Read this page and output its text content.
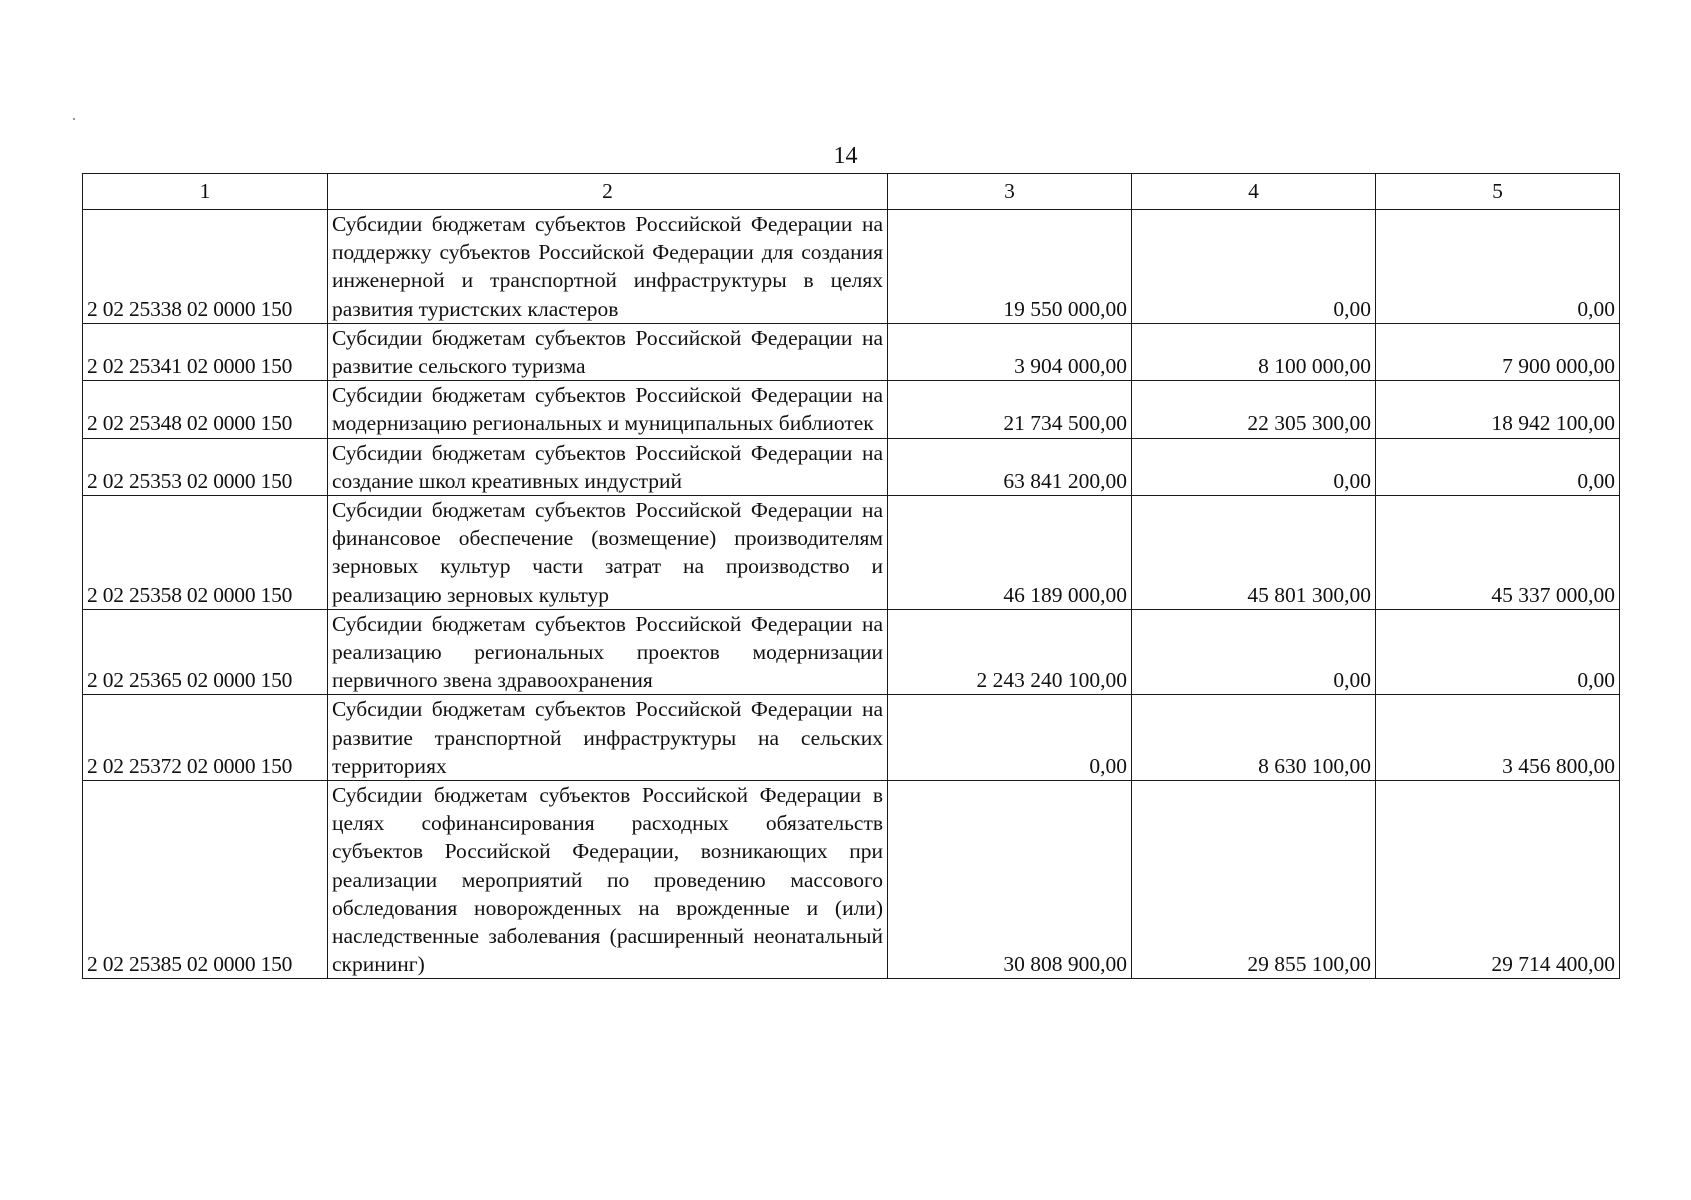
14
1	2	3	4	5
2 02 25338 02 0000 150	Субсидии бюджетам субъектов Российской Федерации на поддержку субъектов Российской Федерации для создания инженерной и транспортной инфраструктуры в целях развития туристских кластеров	19 550 000,00	0,00	0,00
2 02 25341 02 0000 150	Субсидии бюджетам субъектов Российской Федерации на развитие сельского туризма	3 904 000,00	8 100 000,00	7 900 000,00
2 02 25348 02 0000 150	Субсидии бюджетам субъектов Российской Федерации на модернизацию региональных и муниципальных библиотек	21 734 500,00	22 305 300,00	18 942 100,00
2 02 25353 02 0000 150	Субсидии бюджетам субъектов Российской Федерации на создание школ креативных индустрий	63 841 200,00	0,00	0,00
2 02 25358 02 0000 150	Субсидии бюджетам субъектов Российской Федерации на финансовое обеспечение (возмещение) производителям зерновых культур части затрат на производство и реализацию зерновых культур	46 189 000,00	45 801 300,00	45 337 000,00
2 02 25365 02 0000 150	Субсидии бюджетам субъектов Российской Федерации на реализацию региональных проектов модернизации первичного звена здравоохранения	2 243 240 100,00	0,00	0,00
2 02 25372 02 0000 150	Субсидии бюджетам субъектов Российской Федерации на развитие транспортной инфраструктуры на сельских территориях	0,00	8 630 100,00	3 456 800,00
2 02 25385 02 0000 150	Субсидии бюджетам субъектов Российской Федерации в целях софинансирования расходных обязательств субъектов Российской Федерации, возникающих при реализации мероприятий по проведению массового обследования новорожденных на врожденные и (или) наследственные заболевания (расширенный неонатальный скрининг)	30 808 900,00	29 855 100,00	29 714 400,00
